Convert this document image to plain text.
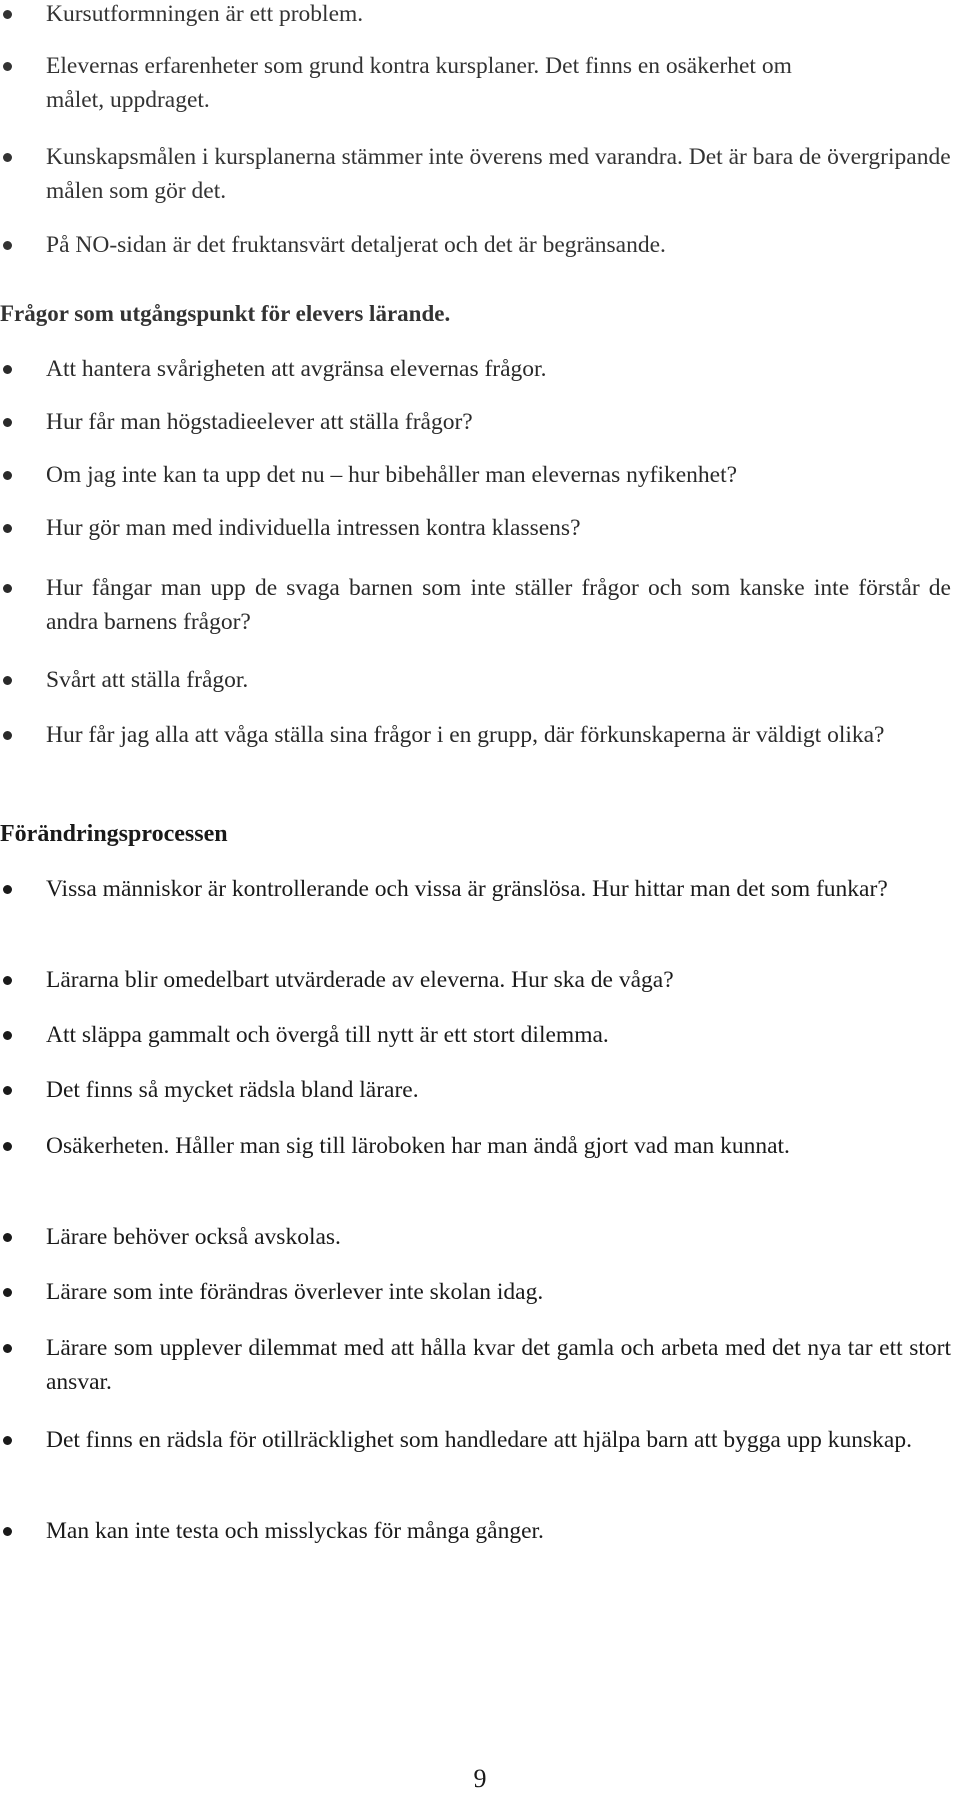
Kursutformningen är ett problem.

Elevernas erfarenheter som grund kontra kursplaner. Det finns en osäkerhet om målet, uppdraget.

Kunskapsmålen i kursplanerna stämmer inte överens med varandra. Det är bara de övergripande målen som gör det.

På NO-sidan är det fruktansvärt detaljerat och det är begränsande.

Frågor som utgångspunkt för elevers lärande.

Att hantera svårigheten att avgränsa elevernas frågor.

Hur får man högstadieelever att ställa frågor?

Om jag inte kan ta upp det nu – hur bibehåller man elevernas nyfikenhet?

Hur gör man med individuella intressen kontra klassens?

Hur fångar man upp de svaga barnen som inte ställer frågor och som kanske inte förstår de andra barnens frågor?

Svårt att ställa frågor.

Hur får jag alla att våga ställa sina frågor i en grupp, där förkunskaperna är väldigt olika?

Förändringsprocessen

Vissa människor är kontrollerande och vissa är gränslösa. Hur hittar man det som funkar?

Lärarna blir omedelbart utvärderade av eleverna. Hur ska de våga?

Att släppa gammalt och övergå till nytt är ett stort dilemma.

Det finns så mycket rädsla bland lärare.

Osäkerheten. Håller man sig till läroboken har man ändå gjort vad man kunnat.

Lärare behöver också avskolas.

Lärare som inte förändras överlever inte skolan idag.

Lärare som upplever dilemmat med att hålla kvar det gamla och arbeta med det nya tar ett stort ansvar.

Det finns en rädsla för otillräcklighet som handledare att hjälpa barn att bygga upp kunskap.

Man kan inte testa och misslyckas för många gånger.

9
